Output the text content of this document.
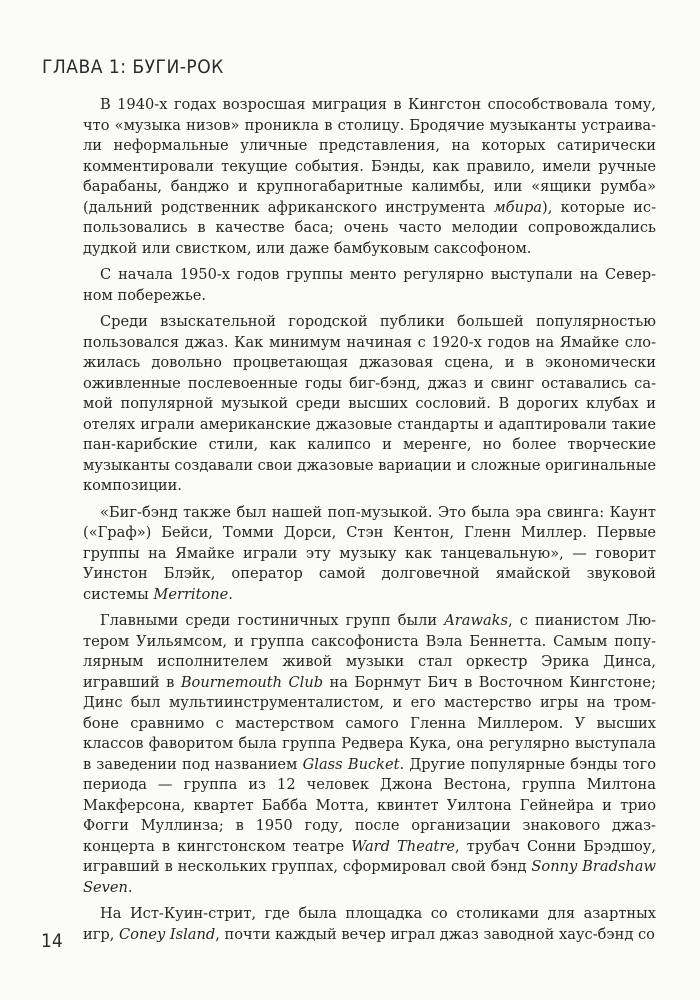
ГЛАВА 1: БУГИ-РОК

В 1940-х годах возросшая миграция в Кингстон способствовала тому, что «музыка низов» проникла в столицу. Бродячие музыканты устраивали неформальные уличные представления, на которых сатирически комментировали текущие события. Бэнды, как правило, имели ручные барабаны, банджо и крупногабаритные калимбы, или «ящики румба» (дальний родственник африканского инструмента мбира), которые использовались в качестве баса; очень часто мелодии сопровождались дудкой или свистком, или даже бамбуковым саксофоном.

С начала 1950-х годов группы менто регулярно выступали на Северном побережье.

Среди взыскательной городской публики большей популярностью пользовался джаз. Как минимум начиная с 1920-х годов на Ямайке сложилась довольно процветающая джазовая сцена, и в экономически оживленные послевоенные годы биг-бэнд, джаз и свинг оставались самой популярной музыкой среди высших сословий. В дорогих клубах и отелях играли американские джазовые стандарты и адаптировали такие пан-карибские стили, как калипсо и меренге, но более творческие музыканты создавали свои джазовые вариации и сложные оригинальные композиции.

«Биг-бэнд также был нашей поп-музыкой. Это была эра свинга: Каунт («Граф») Бейси, Томми Дорси, Стэн Кентон, Гленн Миллер. Первые группы на Ямайке играли эту музыку как танцевальную», — говорит Уинстон Блэйк, оператор самой долговечной ямайской звуковой системы Merritone.

Главными среди гостиничных групп были Arawaks, с пианистом Лютером Уильямсом, и группа саксофониста Вэла Беннетта. Самым популярным исполнителем живой музыки стал оркестр Эрика Динса, игравший в Bournemouth Club на Борнмут Бич в Восточном Кингстоне; Динс был мультиинструменталистом, и его мастерство игры на тромбоне сравнимо с мастерством самого Гленна Миллером. У высших классов фаворитом была группа Редвера Кука, она регулярно выступала в заведении под названием Glass Bucket. Другие популярные бэнды того периода — группа из 12 человек Джона Вестона, группа Милтона Макферсона, квартет Бабба Мотта, квинтет Уилтона Гейнейра и трио Фогги Муллинза; в 1950 году, после организации знакового джаз-концерта в кингстонском театре Ward Theatre, трубач Сонни Брэдшоу, игравший в нескольких группах, сформировал свой бэнд Sonny Bradshaw Seven.

На Ист-Куин-стрит, где была площадка со столиками для азартных игр, Coney Island, почти каждый вечер играл джаз заводной хаус-бэнд со

14
